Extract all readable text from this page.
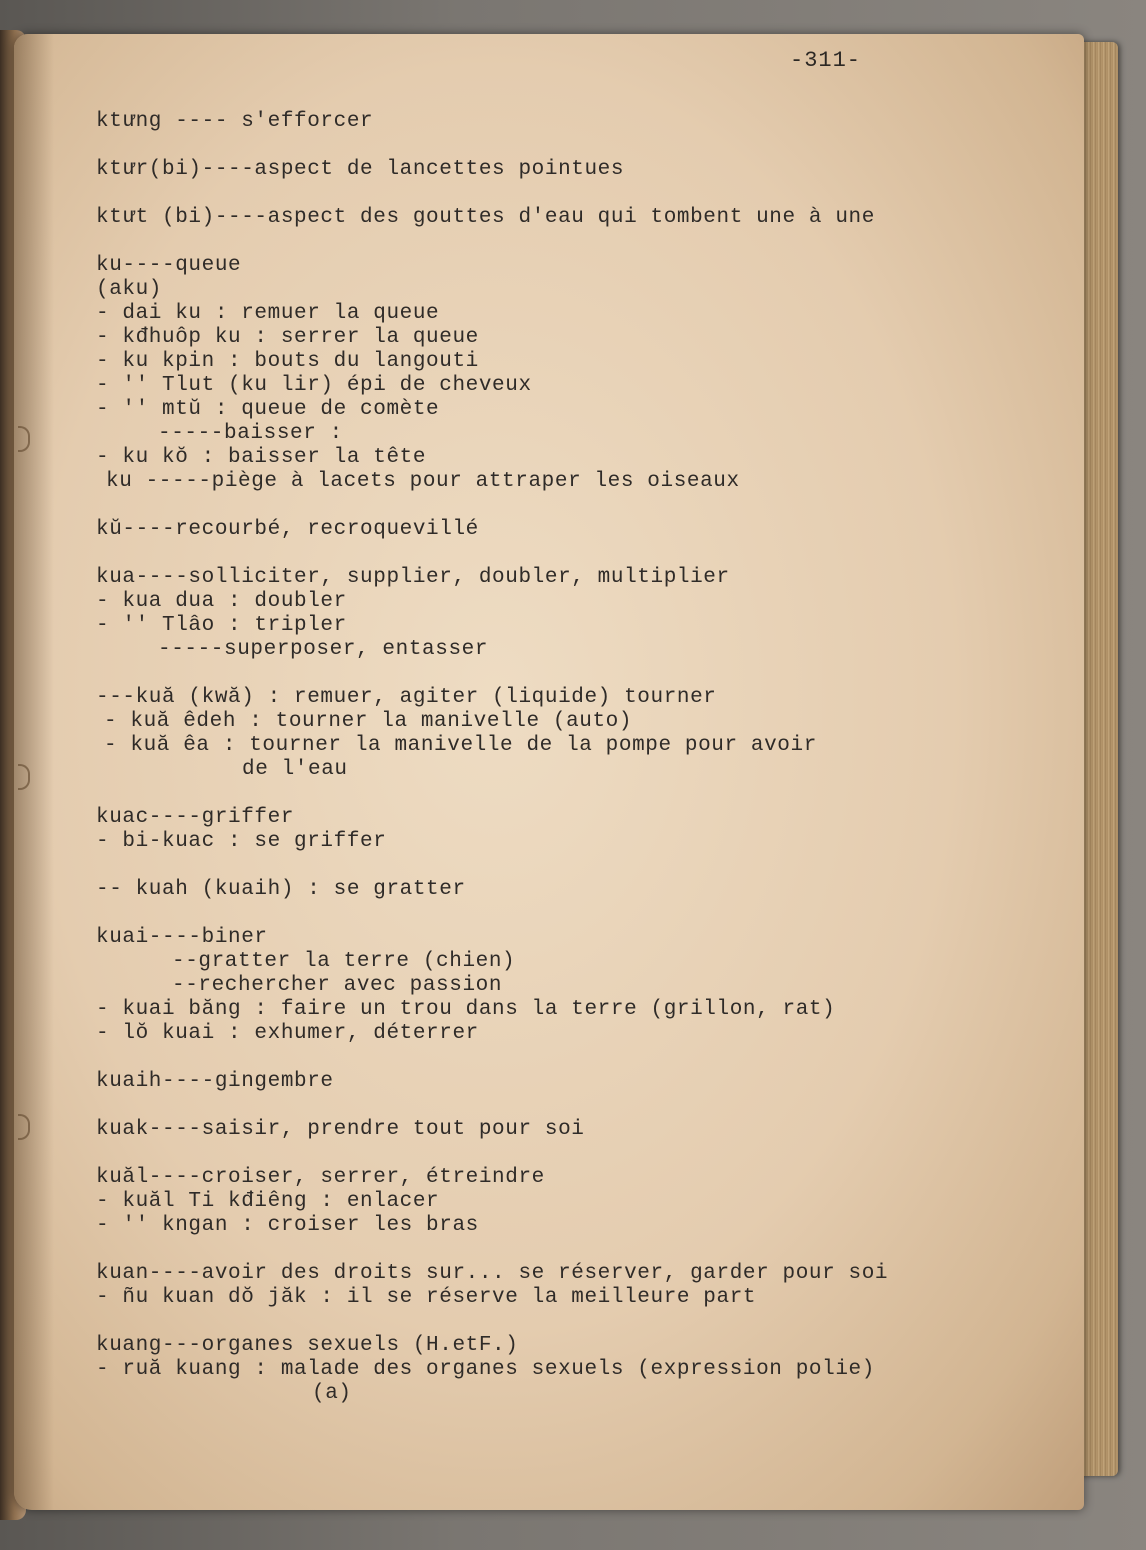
-311-
ktưng ---- s'efforcer
ktưr(bi)----aspect de lancettes pointues
ktưt (bi)----aspect des gouttes d'eau qui tombent une à une
ku----queue
(aku)
- dai ku : remuer la queue
- kđhuôp ku : serrer la queue
- ku kpin : bouts du langouti
- '' Tlut (ku lir) épi de cheveux
- '' mtŭ : queue de comète
-----baisser :
- ku kŏ : baisser la tête
ku -----piège à lacets pour attraper les oiseaux
kŭ----recourbé, recroquevillé
kua----solliciter, supplier, doubler, multiplier
- kua dua : doubler
- '' Tlâo : tripler
-----superposer, entasser
---kuă (kwă) : remuer, agiter (liquide) tourner
- kuă êdeh : tourner la manivelle (auto)
- kuă êa : tourner la manivelle de la pompe pour avoir
de l'eau
kuac----griffer
- bi-kuac : se griffer
-- kuah (kuaih) : se gratter
kuai----biner
--gratter la terre (chien)
--rechercher avec passion
- kuai băng : faire un trou dans la terre (grillon, rat)
- lŏ kuai : exhumer, déterrer
kuaih----gingembre
kuak----saisir, prendre tout pour soi
kuăl----croiser, serrer, étreindre
- kuăl Ti kđiêng : enlacer
- '' kngan : croiser les bras
kuan----avoir des droits sur... se réserver, garder pour soi
- ñu kuan dŏ jăk : il se réserve la meilleure part
kuang---organes sexuels (H.etF.)
- ruă kuang : malade des organes sexuels (expression polie)
(a)
